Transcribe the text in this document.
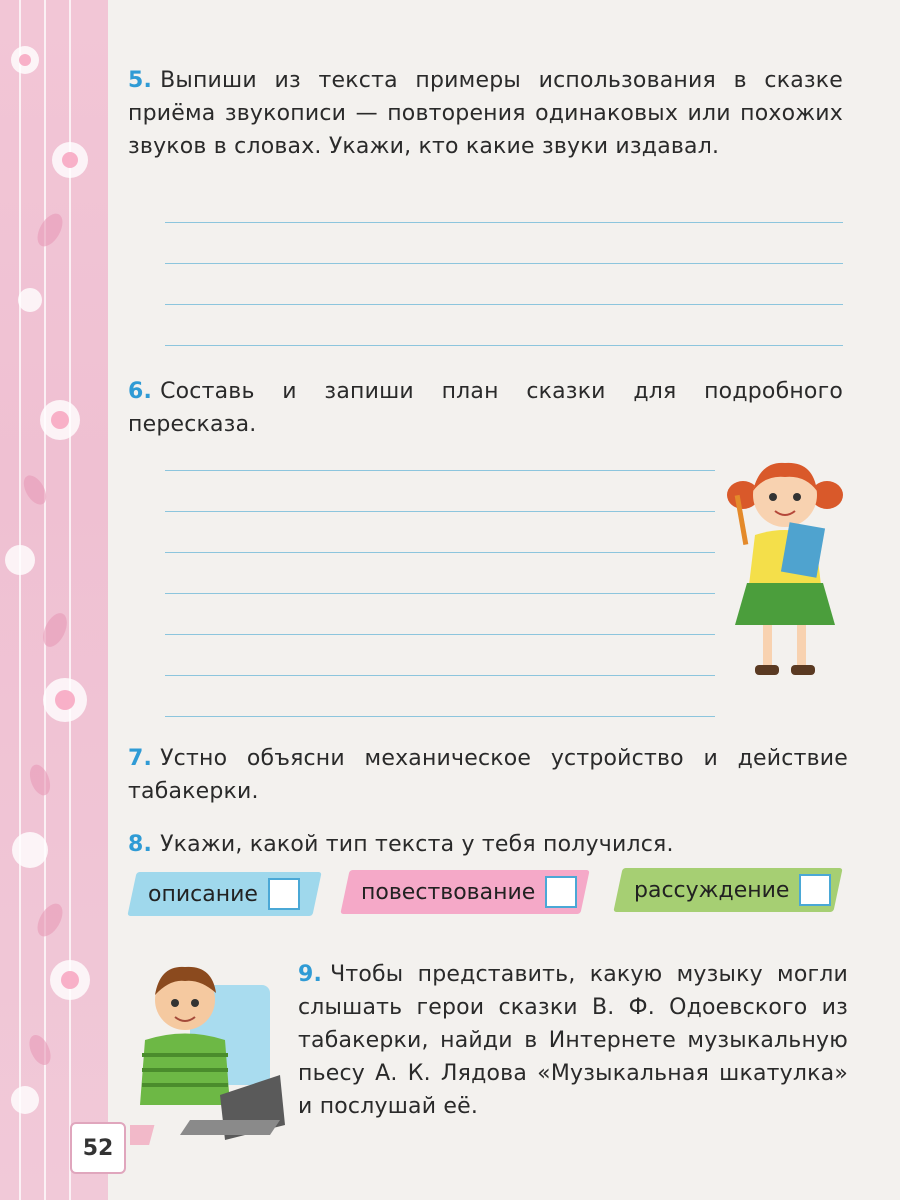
5. Выпиши из текста примеры использования в сказке приёма звукописи — повторения одинаковых или похожих звуков в словах. Укажи, кто какие звуки издавал.
6. Составь и запиши план сказки для подробного пересказа.
7. Устно объясни механическое устройство и действие табакерки.
8. Укажи, какой тип текста у тебя получился.
описание	повествование	рассуждение
9. Чтобы представить, какую музыку могли слышать герои сказки В. Ф. Одоевского из табакерки, найди в Интернете музыкальную пьесу А. К. Лядова «Музыкальная шкатулка» и послушай её.
52
